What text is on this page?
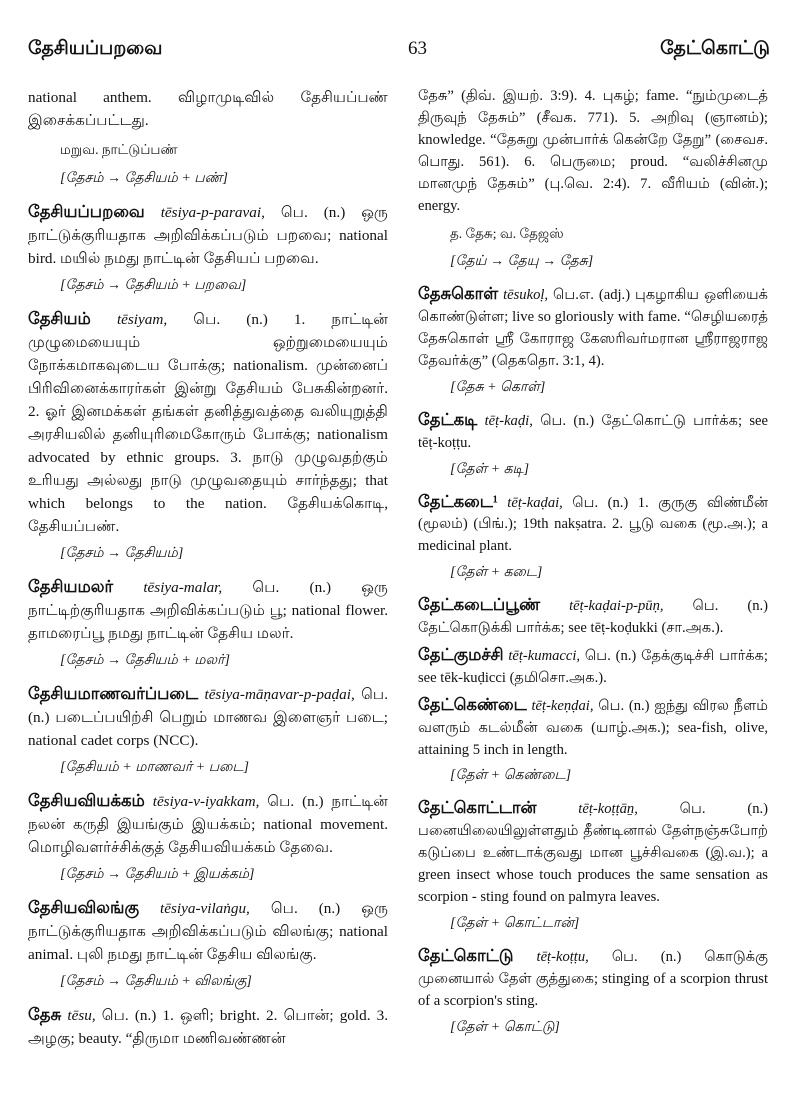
தேசியப்பறவை	63	தேட்கொட்டு
national anthem. விழாமுடிவில் தேசியப்பண் இசைக்கப்பட்டது.
மறுவ. நாட்டுப்பண்
[தேசம் → தேசியம் + பண்]

தேசியப்பறவை tēsiya-p-paravai, பெ. (n.) ஒரு நாட்டுக்குரியதாக அறிவிக்கப்படும் பறவை; national bird. மயில் நமது நாட்டின் தேசியப் பறவை.

[தேசம் → தேசியம் + பறவை]

தேசியம் tēsiyam, பெ. (n.) 1. நாட்டின் முழுமையையும் ஒற்றுமையையும் நோக்கமாகவுடைய போக்கு; nationalism. முன்னைப் பிரிவினைக்காரர்கள் இன்று தேசியம் பேசுகின்றனர். 2. ஓர் இனமக்கள் தங்கள் தனித்துவத்தை வலியுறுத்தி அரசியலில் தனியுரிமைகோரும் போக்கு; nationalism advocated by ethnic groups. 3. நாடு முழுவதற்கும் உரியது அல்லது நாடு முழுவதையும் சார்ந்தது; that which belongs to the nation. தேசியக்கொடி, தேசியப்பண்.

[தேசம் → தேசியம்]

தேசியமலர் tēsiya-malar, பெ. (n.) ஒரு நாட்டிற்குரியதாக அறிவிக்கப்படும் பூ; national flower. தாமரைப்பூ நமது நாட்டின் தேசிய மலர்.

[தேசம் → தேசியம் + மலர்]

தேசியமாணவர்ப்படை tēsiya-māṇavar-p-paḍai, பெ. (n.) படைப்பயிற்சி பெறும் மாணவ இளைஞர் படை; national cadet corps (NCC).

[தேசியம் + மாணவர் + படை]

தேசியவியக்கம் tēsiya-v-iyakkam, பெ. (n.) நாட்டின் நலன் கருதி இயங்கும் இயக்கம்; national movement. மொழிவளர்ச்சிக்குத் தேசியவியக்கம் தேவை.

[தேசம் → தேசியம் + இயக்கம்]

தேசியவிலங்கு tēsiya-vilaṅgu, பெ. (n.) ஒரு நாட்டுக்குரியதாக அறிவிக்கப்படும் விலங்கு; national animal. புலி நமது நாட்டின் தேசிய விலங்கு.

[தேசம் → தேசியம் + விலங்கு]

தேசு tēsu, பெ. (n.) 1. ஒளி; bright. 2. பொன்; gold. 3. அழகு; beauty. “திருமா மணிவண்ணன்

தேசு” (திவ். இயற். 3:9). 4. புகழ்; fame. “நும்முடைத் திருவுந் தேசும்” (சீவக. 771). 5. அறிவு (ஞானம்); knowledge. “தேசுறு முன்பார்க் கென்றே தேறு” (சைவச. பொது. 561). 6. பெருமை; proud. “வலிச்சினமு மானமுந் தேசும்” (பு.வெ. 2:4). 7. வீரியம் (வின்.); energy.
த. தேசு; வ. தேஜஸ்
[தேய் → தேயு → தேசு]

தேசுகொள் tēsukoḷ, பெ.எ. (adj.) புகழாகிய ஒளியைக் கொண்டுள்ள; live so gloriously with fame. “செழியரைத் தேசுகொள் ஸ்ரீ கோராஜ கேஸரிவர்மரான ஸ்ரீராஜராஜ தேவர்க்கு” (தெகதொ. 3:1, 4).

[தேசு + கொள்]

தேட்கடி tēṭ-kaḍi, பெ. (n.) தேட்கொட்டு பார்க்க; see tēṭ-koṭṭu.

[தேள் + கடி]

தேட்கடை¹ tēṭ-kaḍai, பெ. (n.) 1. குருகு விண்மீன் (மூலம்) (பிங்.); 19th nakṣatra. 2. பூடு வகை (மூ.அ.); a medicinal plant.

[தேள் + கடை]

தேட்கடைப்பூண் tēṭ-kaḍai-p-pūṇ, பெ. (n.) தேட்கொடுக்கி பார்க்க; see tēṭ-koḍukki (சா.அக.).

தேட்குமச்சி tēṭ-kumacci, பெ. (n.) தேக்குடிச்சி பார்க்க; see tēk-kuḍicci (தமிசொ.அக.).

தேட்கெண்டை tēṭ-keṇḍai, பெ. (n.) ஐந்து விரல நீளம் வளரும் கடல்மீன் வகை (யாழ்.அக.); sea-fish, olive, attaining 5 inch in length.

[தேள் + கெண்டை]

தேட்கொட்டான்	tēṭ-koṭṭāṉ,	பெ. (n.) பனையிலையிலுள்ளதும் தீண்டினால் தேள்நஞ்சுபோற் கடுப்பை உண்டாக்குவது மான பூச்சிவகை (இ.வ.); a green insect whose touch produces the same sensation as scorpion - sting found on palmyra leaves.

[தேள் + கொட்டான்]

தேட்கொட்டு tēṭ-koṭṭu, பெ. (n.) கொடுக்கு முனையால் தேள் குத்துகை; stinging of a scorpion thrust of a scorpion's sting.

[தேள் + கொட்டு]
